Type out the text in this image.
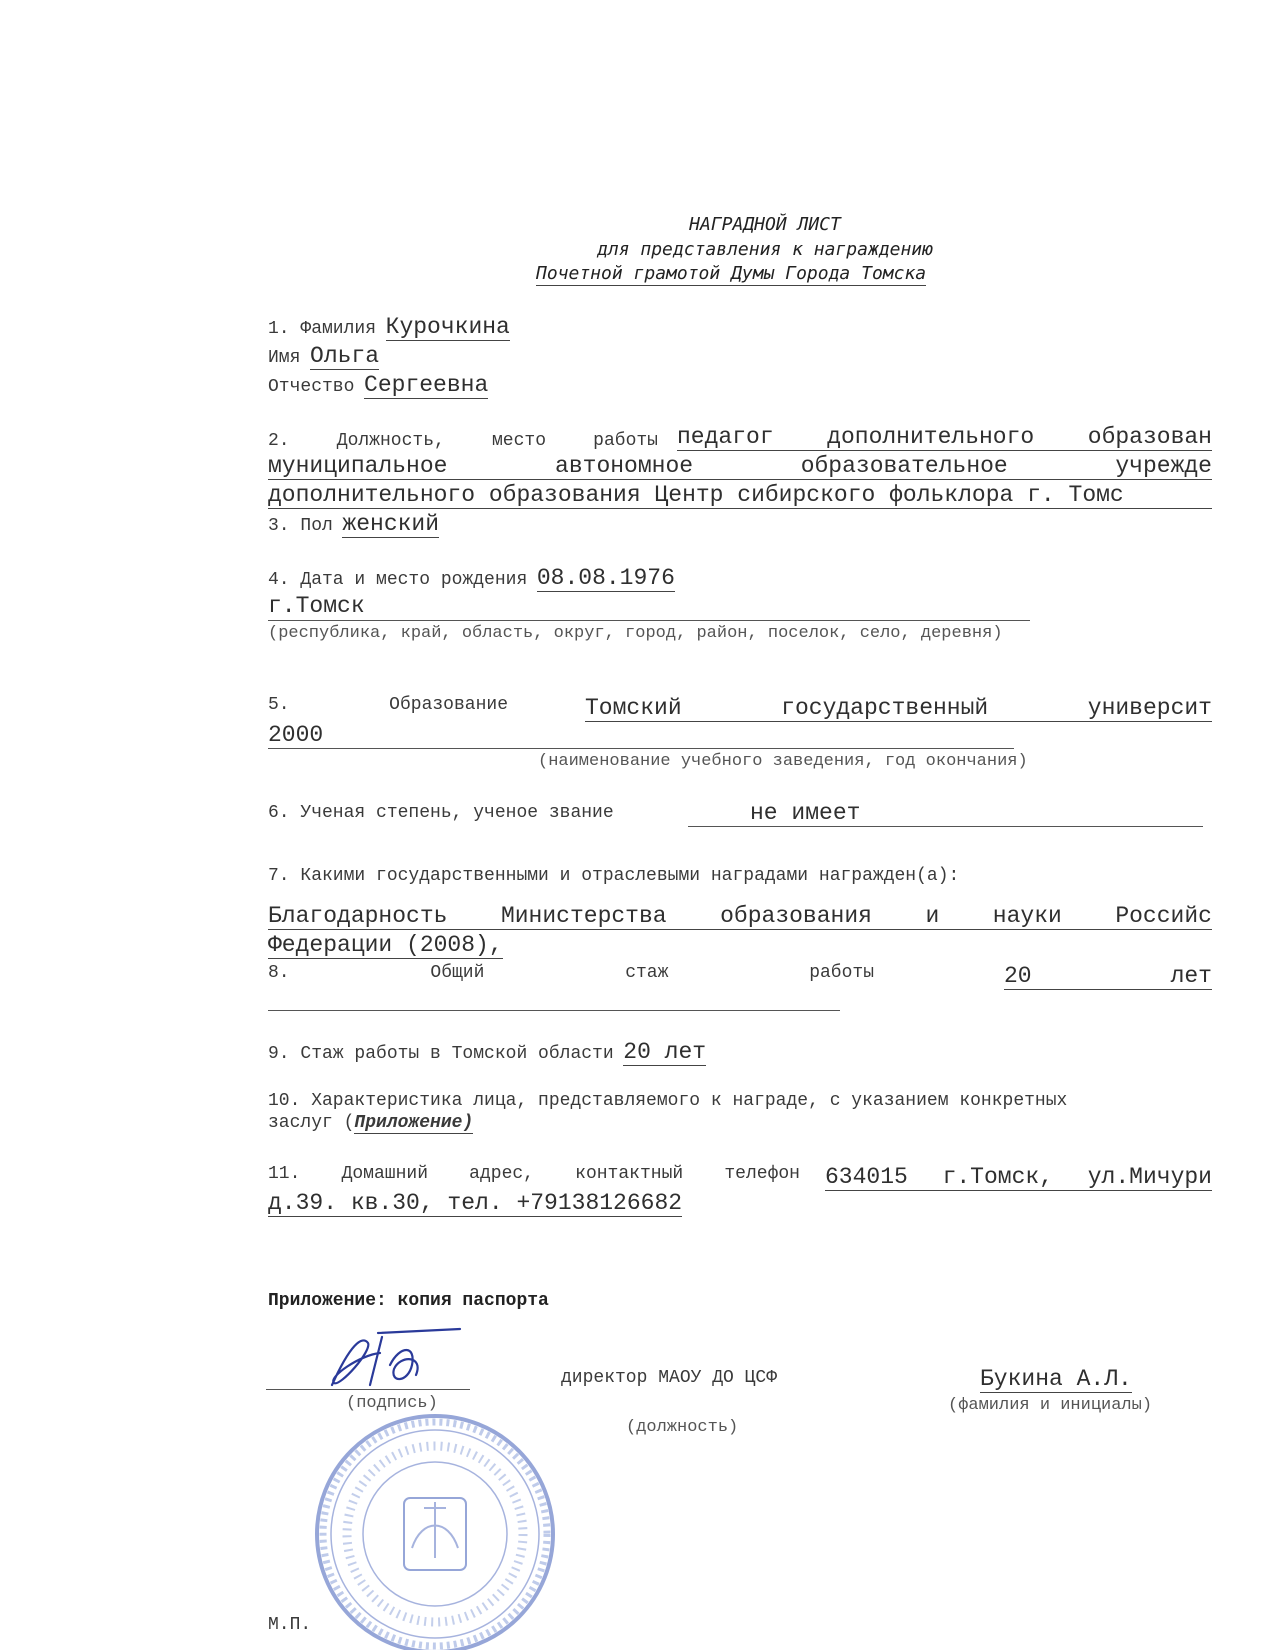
НАГРАДНОЙ ЛИСТ
для представления к награждению
Почетной грамотой Думы Города Томска
1. Фамилия Курочкина
Имя Ольга
Отчество Сергеевна
2.	Должность,	место	работы педагог дополнительного образован
муниципальное	автономное	образовательное	учрежде
дополнительного образования Центр сибирского фольклора г. Томс
3. Пол женский
4. Дата и место рождения 08.08.1976
г.Томск
(республика, край, область, округ, город, район, поселок, село, деревня)
5.	Образование	Томский	государственный	университ
2000
(наименование учебного заведения, год окончания)
6. Ученая степень, ученое звание	не имеет
7. Какими государственными и отраслевыми наградами награжден(а):
Благодарность Министерства образования и науки Российс
Федерации (2008),
8.	Общий	стаж	работы	20	лет
9. Стаж работы в Томской области 20 лет
10. Характеристика лица, представляемого к награде, с указанием конкретных
заслуг (Приложение)
11. Домашний адрес, контактный телефон 634015 г.Томск, ул.Мичури
д.39. кв.30, тел. +79138126682
Приложение: копия паспорта
(подпись)
директор МАОУ ДО ЦСФ
(должность)
Букина А.Л.
(фамилия и инициалы)
М.П.
